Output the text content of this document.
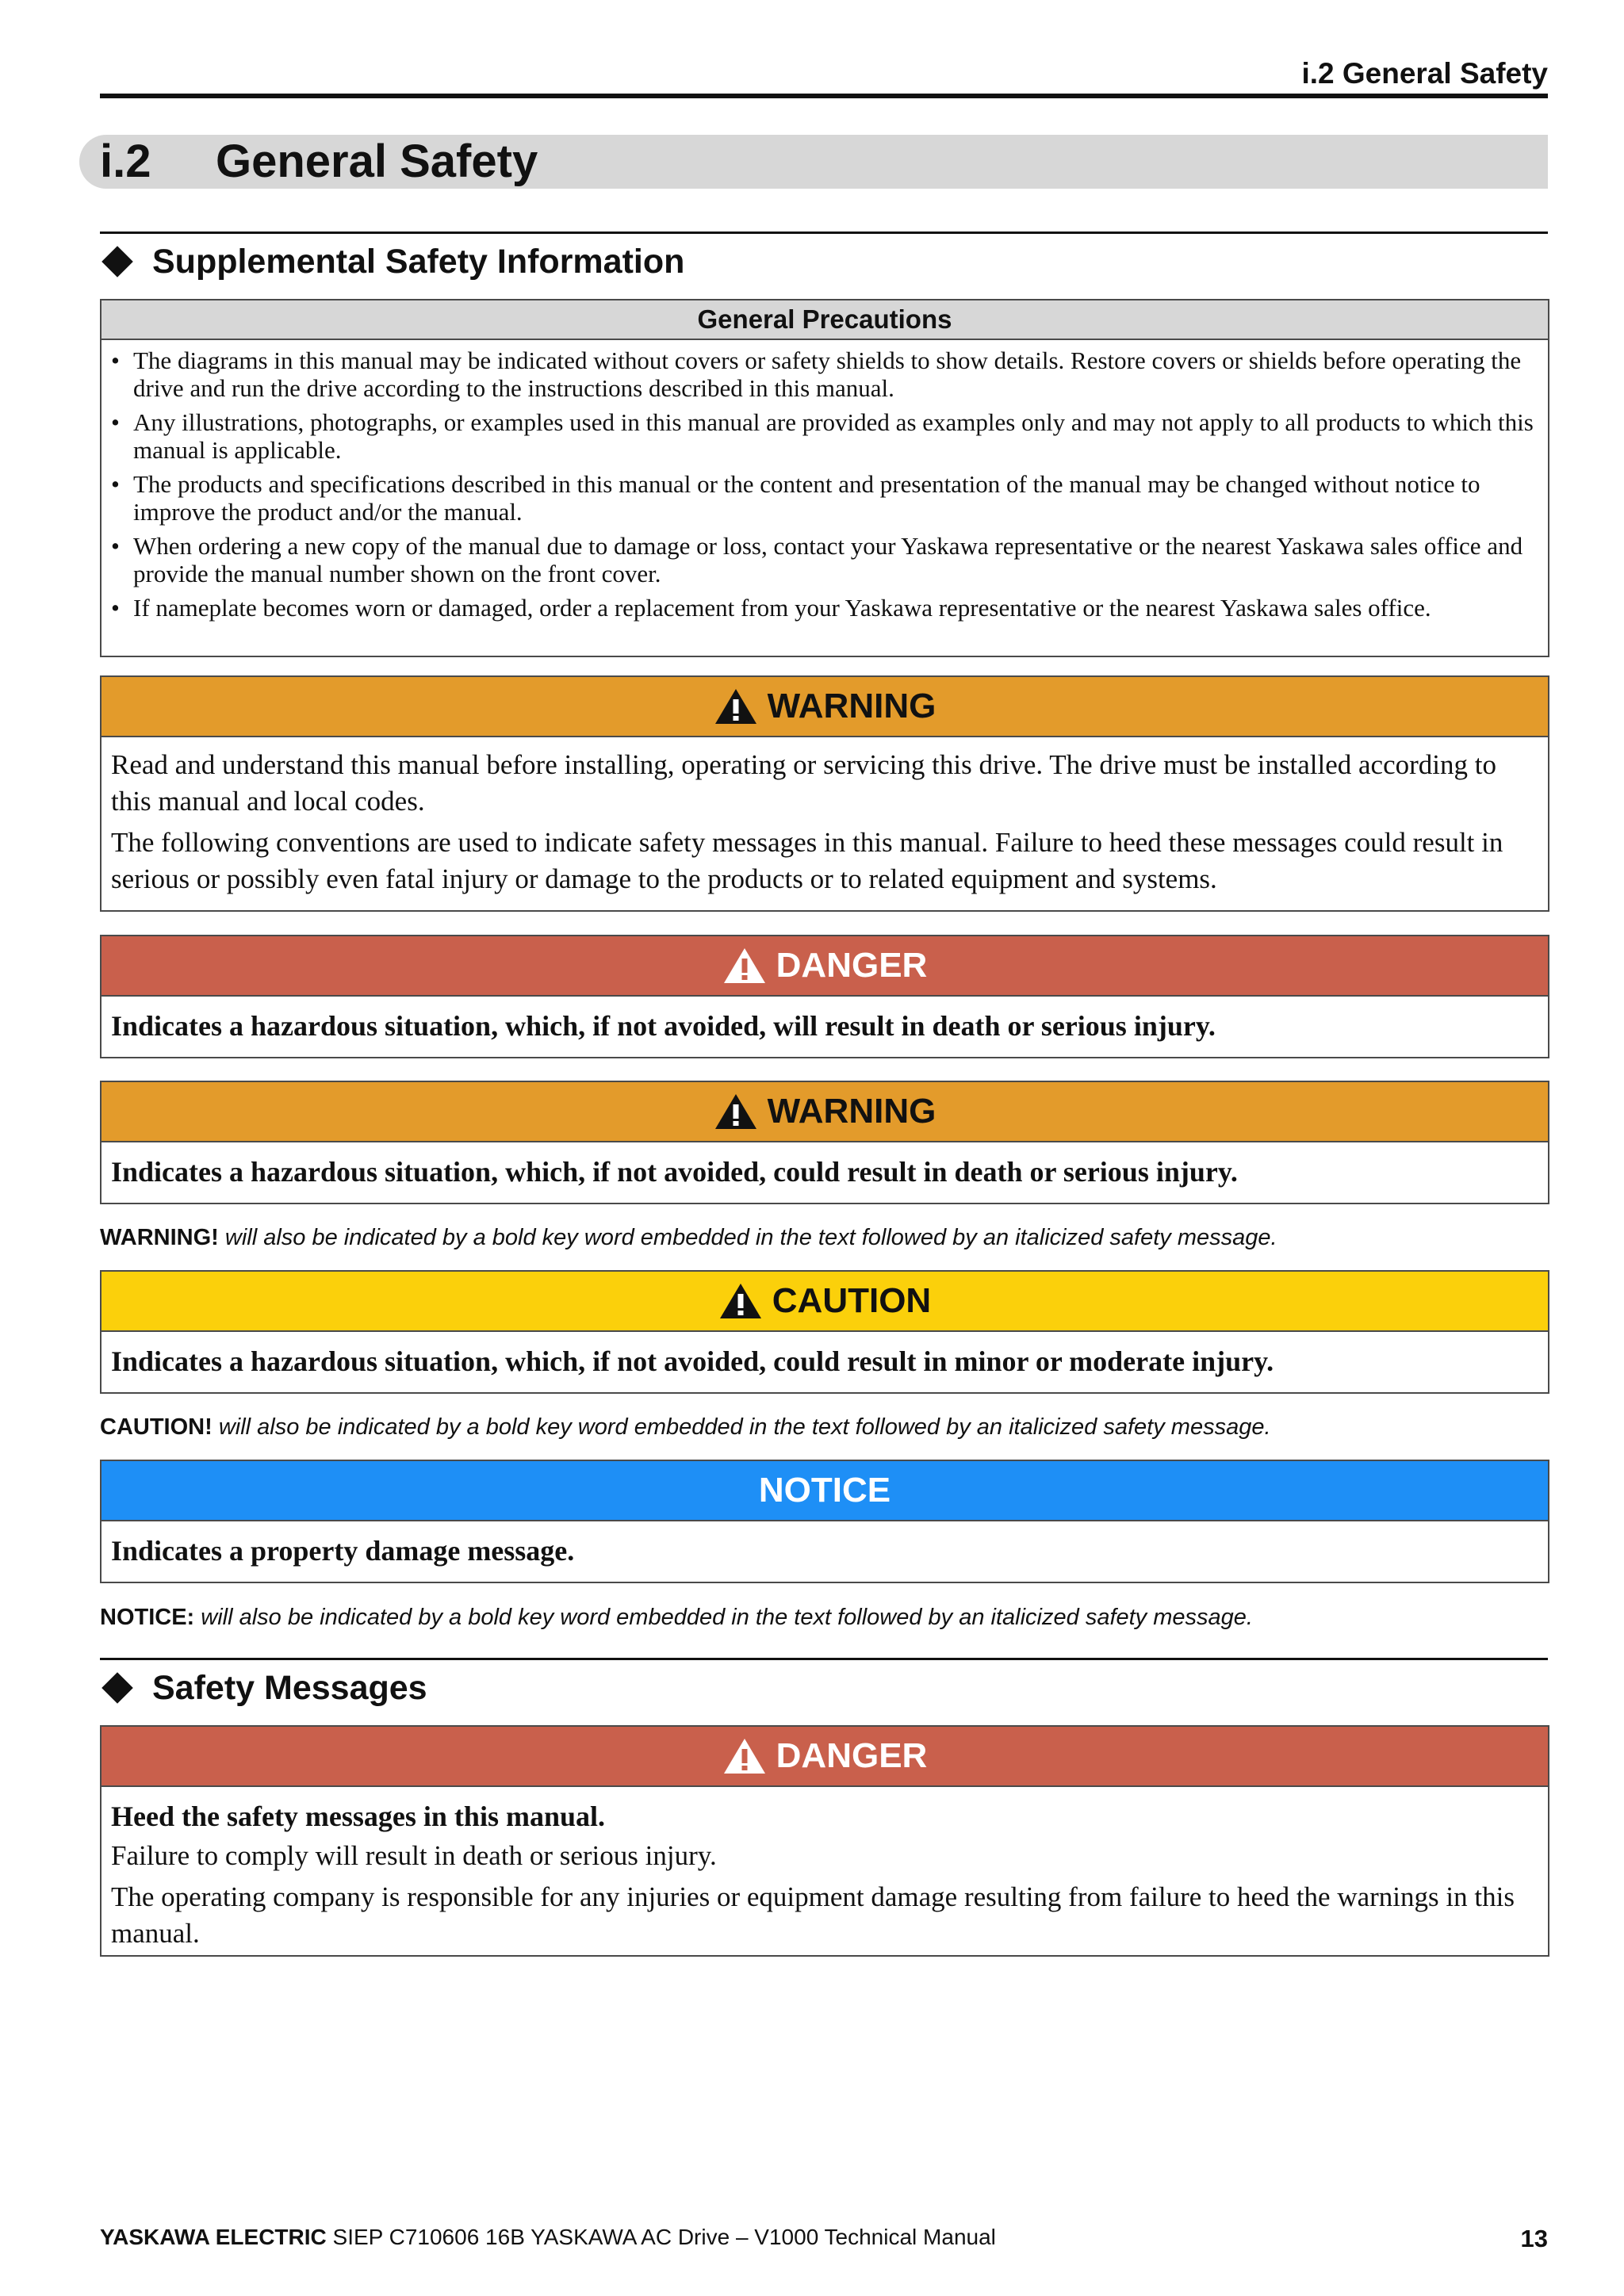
i.2 General Safety
i.2 General Safety
Supplemental Safety Information
General Precautions
• The diagrams in this manual may be indicated without covers or safety shields to show details. Restore covers or shields before operating the drive and run the drive according to the instructions described in this manual.
• Any illustrations, photographs, or examples used in this manual are provided as examples only and may not apply to all products to which this manual is applicable.
• The products and specifications described in this manual or the content and presentation of the manual may be changed without notice to improve the product and/or the manual.
• When ordering a new copy of the manual due to damage or loss, contact your Yaskawa representative or the nearest Yaskawa sales office and provide the manual number shown on the front cover.
• If nameplate becomes worn or damaged, order a replacement from your Yaskawa representative or the nearest Yaskawa sales office.
WARNING

Read and understand this manual before installing, operating or servicing this drive. The drive must be installed according to this manual and local codes.

The following conventions are used to indicate safety messages in this manual. Failure to heed these messages could result in serious or possibly even fatal injury or damage to the products or to related equipment and systems.

DANGER

Indicates a hazardous situation, which, if not avoided, will result in death or serious injury.

WARNING

Indicates a hazardous situation, which, if not avoided, could result in death or serious injury.

WARNING! will also be indicated by a bold key word embedded in the text followed by an italicized safety message.
CAUTION

Indicates a hazardous situation, which, if not avoided, could result in minor or moderate injury.

CAUTION! will also be indicated by a bold key word embedded in the text followed by an italicized safety message.
NOTICE

Indicates a property damage message.

NOTICE: will also be indicated by a bold key word embedded in the text followed by an italicized safety message.
Safety Messages
DANGER

Heed the safety messages in this manual.

Failure to comply will result in death or serious injury.

The operating company is responsible for any injuries or equipment damage resulting from failure to heed the warnings in this manual.

YASKAWA ELECTRIC SIEP C710606 16B YASKAWA AC Drive – V1000 Technical Manual	13
